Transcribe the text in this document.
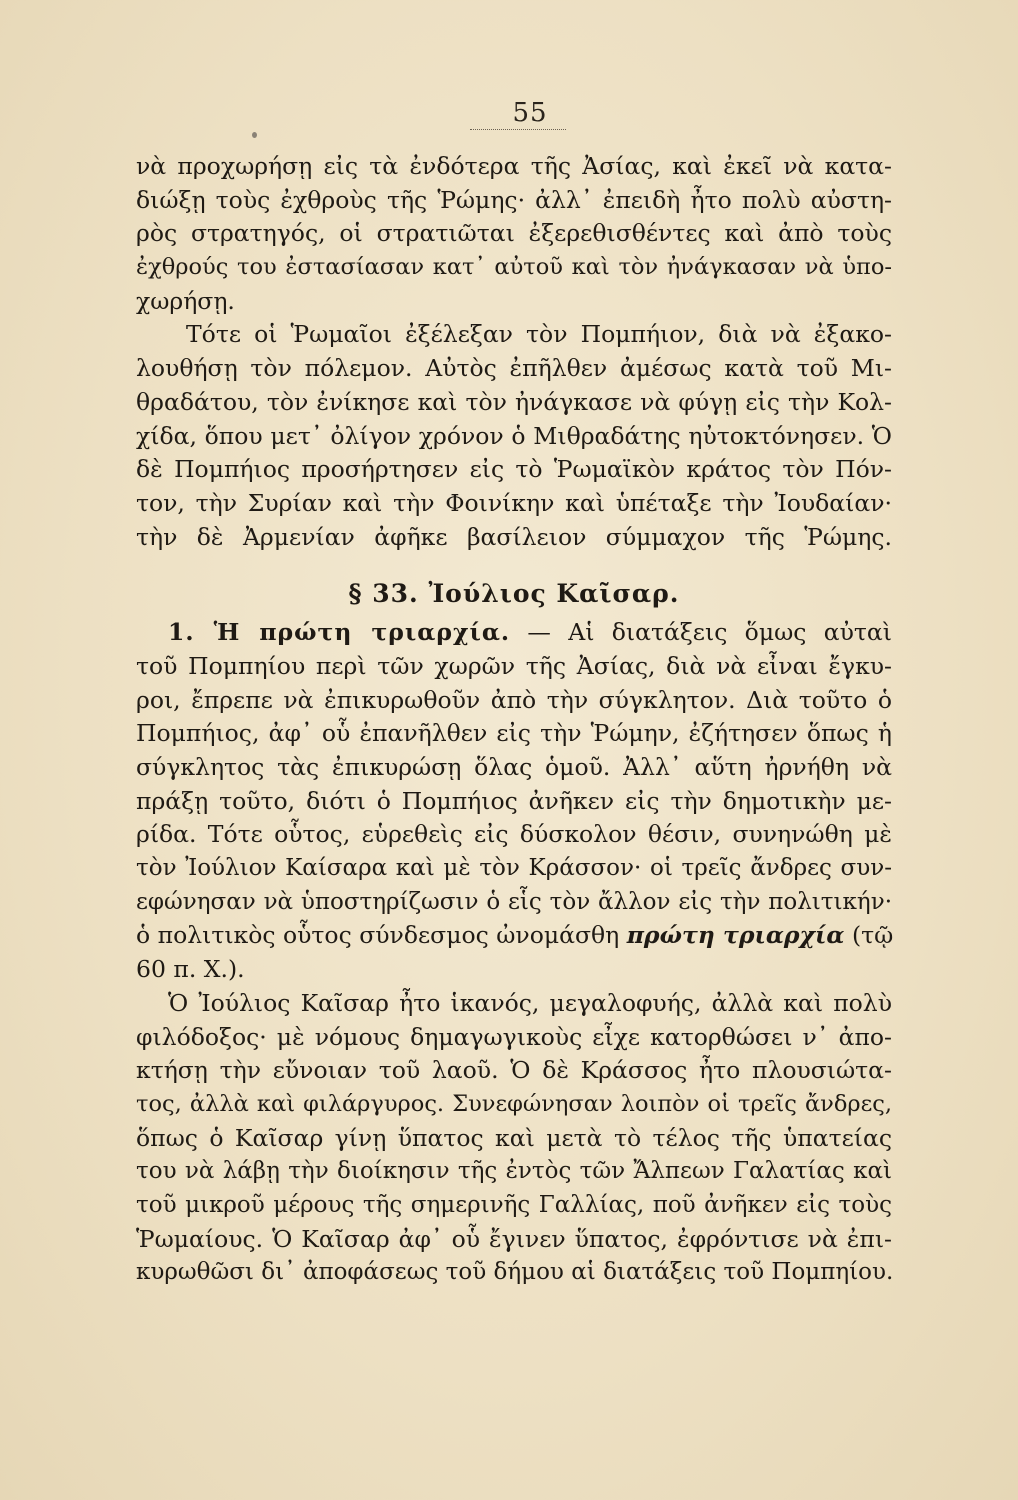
55
νὰ προχωρήσῃ εἰς τὰ ἐνδότερα τῆς Ἀσίας, καὶ ἐκεῖ νὰ κατα-
διώξῃ τοὺς ἐχθροὺς τῆς Ῥώμης· ἀλλ᾽ ἐπειδὴ ἦτο πολὺ αὐστη-
ρὸς στρατηγός, οἱ στρατιῶται ἐξερεθισθέντες καὶ ἀπὸ τοὺς
ἐχθρούς του ἐστασίασαν κατ᾽ αὐτοῦ καὶ τὸν ἠνάγκασαν νὰ ὑπο-
χωρήσῃ.
Τότε οἱ Ῥωμαῖοι ἐξέλεξαν τὸν Πομπήιον, διὰ νὰ ἐξακο-
λουθήσῃ τὸν πόλεμον. Αὐτὸς ἐπῆλθεν ἀμέσως κατὰ τοῦ Μι-
θραδάτου, τὸν ἐνίκησε καὶ τὸν ἠνάγκασε νὰ φύγῃ εἰς τὴν Κολ-
χίδα, ὅπου μετ᾽ ὀλίγον χρόνον ὁ Μιθραδάτης ηὐτοκτόνησεν. Ὁ
δὲ Πομπήιος προσήρτησεν εἰς τὸ Ῥωμαϊκὸν κράτος τὸν Πόν-
τον, τὴν Συρίαν καὶ τὴν Φοινίκην καὶ ὑπέταξε τὴν Ἰουδαίαν·
τὴν δὲ Ἀρμενίαν ἀφῆκε βασίλειον σύμμαχον τῆς Ῥώμης.
§ 33. Ἰούλιος Καῖσαρ.
1. Ἡ πρώτη τριαρχία. — Αἱ διατάξεις ὅμως αὐταὶ
τοῦ Πομπηίου περὶ τῶν χωρῶν τῆς Ἀσίας, διὰ νὰ εἶναι ἔγκυ-
ροι, ἔπρεπε νὰ ἐπικυρωθοῦν ἀπὸ τὴν σύγκλητον. Διὰ τοῦτο ὁ
Πομπήιος, ἀφ᾽ οὗ ἐπανῆλθεν εἰς τὴν Ῥώμην, ἐζήτησεν ὅπως ἡ
σύγκλητος τὰς ἐπικυρώσῃ ὅλας ὁμοῦ. Ἀλλ᾽ αὕτη ἠρνήθη νὰ
πράξῃ τοῦτο, διότι ὁ Πομπήιος ἀνῆκεν εἰς τὴν δημοτικὴν με-
ρίδα. Τότε οὗτος, εὑρεθεὶς εἰς δύσκολον θέσιν, συνηνώθη μὲ
τὸν Ἰούλιον Καίσαρα καὶ μὲ τὸν Κράσσον· οἱ τρεῖς ἄνδρες συν-
εφώνησαν νὰ ὑποστηρίζωσιν ὁ εἷς τὸν ἄλλον εἰς τὴν πολιτικήν·
ὁ πολιτικὸς οὗτος σύνδεσμος ὠνομάσθη πρώτη τριαρχία (τῷ
60 π. Χ.).
Ὁ Ἰούλιος Καῖσαρ ἦτο ἱκανός, μεγαλοφυής, ἀλλὰ καὶ πολὺ
φιλόδοξος· μὲ νόμους δημαγωγικοὺς εἶχε κατορθώσει ν᾽ ἀπο-
κτήσῃ τὴν εὔνοιαν τοῦ λαοῦ. Ὁ δὲ Κράσσος ἦτο πλουσιώτα-
τος, ἀλλὰ καὶ φιλάργυρος. Συνεφώνησαν λοιπὸν οἱ τρεῖς ἄνδρες,
ὅπως ὁ Καῖσαρ γίνῃ ὕπατος καὶ μετὰ τὸ τέλος τῆς ὑπατείας
του νὰ λάβῃ τὴν διοίκησιν τῆς ἐντὸς τῶν Ἄλπεων Γαλατίας καὶ
τοῦ μικροῦ μέρους τῆς σημερινῆς Γαλλίας, ποῦ ἀνῆκεν εἰς τοὺς
Ῥωμαίους. Ὁ Καῖσαρ ἀφ᾽ οὗ ἔγινεν ὕπατος, ἐφρόντισε νὰ ἐπι-
κυρωθῶσι δι᾽ ἀποφάσεως τοῦ δήμου αἱ διατάξεις τοῦ Πομπηίου.
